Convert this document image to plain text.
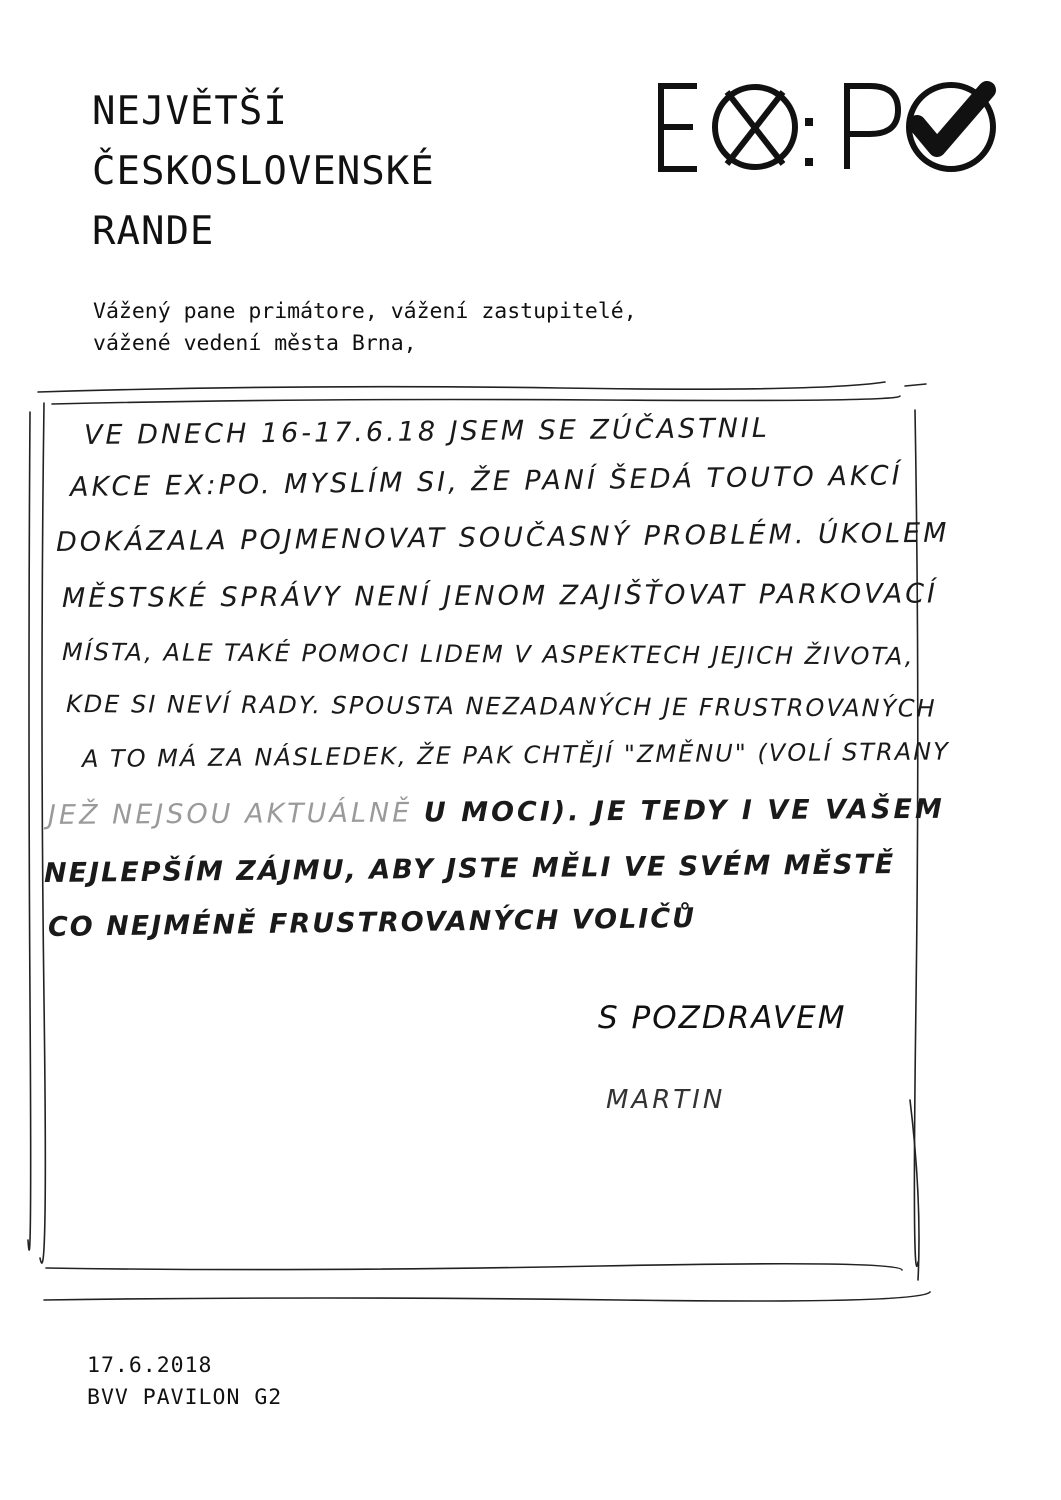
NEJVĚTŠÍ
ČESKOSLOVENSKÉ
RANDE
Vážený pane primátore, vážení zastupitelé,
vážené vedení města Brna,
VE DNECH 16-17.6.18 JSEM SE ZÚČASTNIL
AKCE EX:PO. MYSLÍM SI, ŽE PANÍ ŠEDÁ TOUTO AKCÍ
DOKÁZALA POJMENOVAT SOUČASNÝ PROBLÉM. ÚKOLEM
MĚSTSKÉ SPRÁVY NENÍ JENOM ZAJIŠŤOVAT PARKOVACÍ
MÍSTA, ALE TAKÉ POMOCI LIDEM V ASPEKTECH JEJICH ŽIVOTA,
KDE SI NEVÍ RADY. SPOUSTA NEZADANÝCH JE FRUSTROVANÝCH
A TO MÁ ZA NÁSLEDEK, ŽE PAK CHTĚJÍ "ZMĚNU" (VOLÍ STRANY
JEŽ NEJSOU AKTUÁLNĚ U MOCI). JE TEDY I VE VAŠEM
NEJLEPŠÍM ZÁJMU, ABY JSTE MĚLI VE SVÉM MĚSTĚ
CO NEJMÉNĚ FRUSTROVANÝCH VOLIČŮ
S POZDRAVEM
MARTIN
17.6.2018
BVV PAVILON G2
